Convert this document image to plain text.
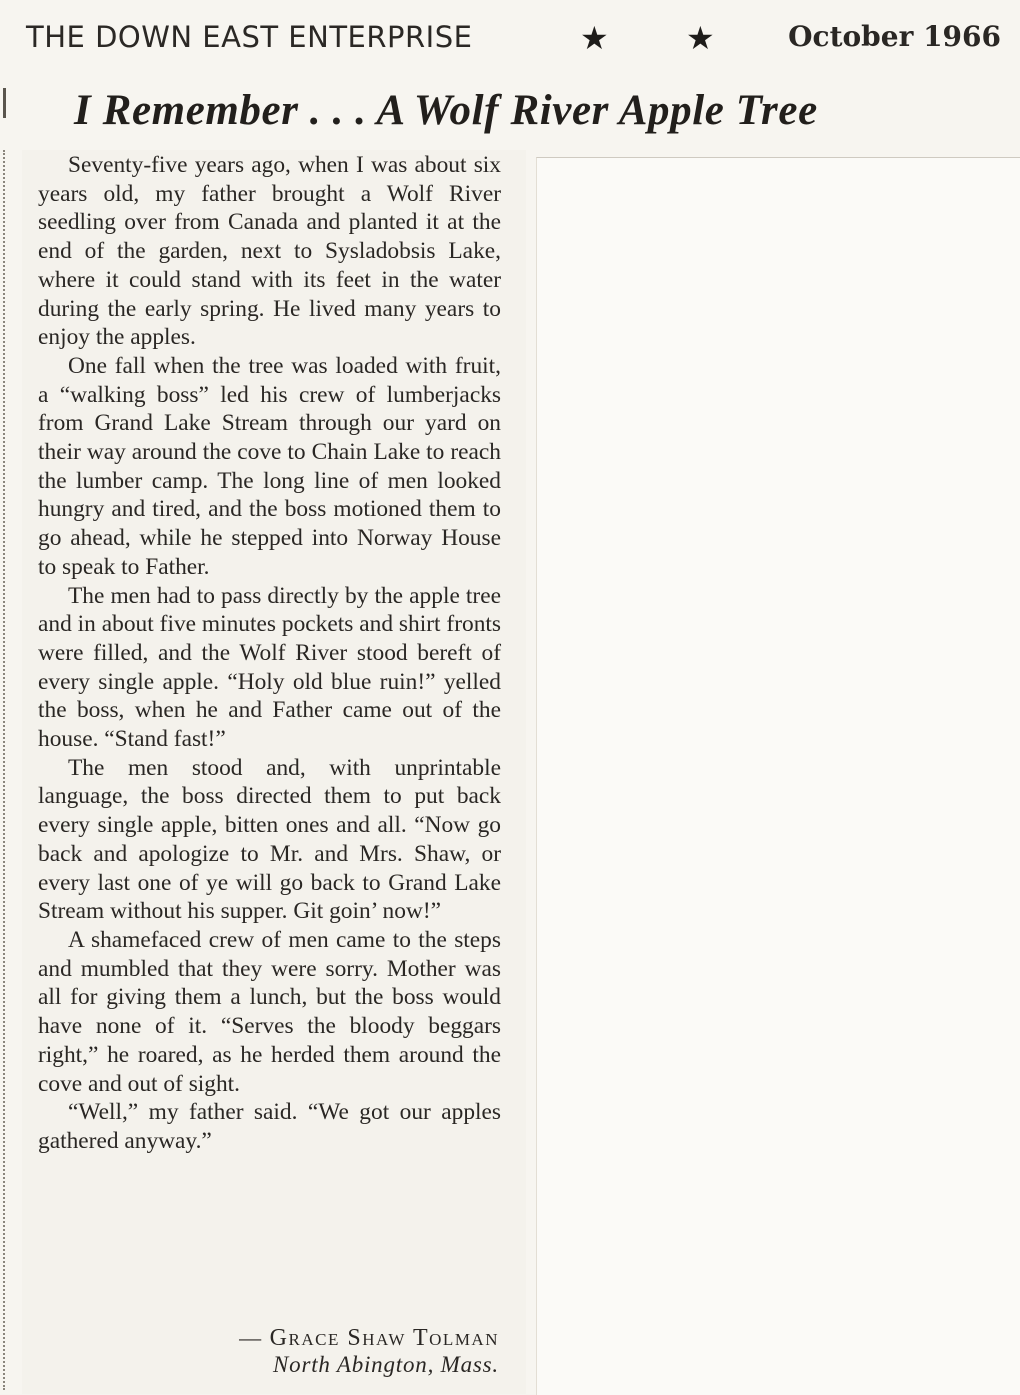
THE DOWN EAST ENTERPRISE	★ ★	October 1966
I Remember . . . A Wolf River Apple Tree

Seventy-five years ago, when I was about six years old, my father brought a Wolf River seedling over from Canada and planted it at the end of the garden, next to Sysladobsis Lake, where it could stand with its feet in the water during the early spring. He lived many years to enjoy the apples.

One fall when the tree was loaded with fruit, a “walking boss” led his crew of lumberjacks from Grand Lake Stream through our yard on their way around the cove to Chain Lake to reach the lumber camp. The long line of men looked hungry and tired, and the boss motioned them to go ahead, while he stepped into Norway House to speak to Father.

The men had to pass directly by the apple tree and in about five minutes pockets and shirt fronts were filled, and the Wolf River stood bereft of every single apple. “Holy old blue ruin!” yelled the boss, when he and Father came out of the house. “Stand fast!”

The men stood and, with unprintable language, the boss directed them to put back every single apple, bitten ones and all. “Now go back and apologize to Mr. and Mrs. Shaw, or every last one of ye will go back to Grand Lake Stream without his supper. Git goin’ now!”

A shamefaced crew of men came to the steps and mumbled that they were sorry. Mother was all for giving them a lunch, but the boss would have none of it. “Serves the bloody beggars right,” he roared, as he herded them around the cove and out of sight.

“Well,” my father said. “We got our apples gathered anyway.”

— Grace Shaw Tolman
North Abington, Mass.
